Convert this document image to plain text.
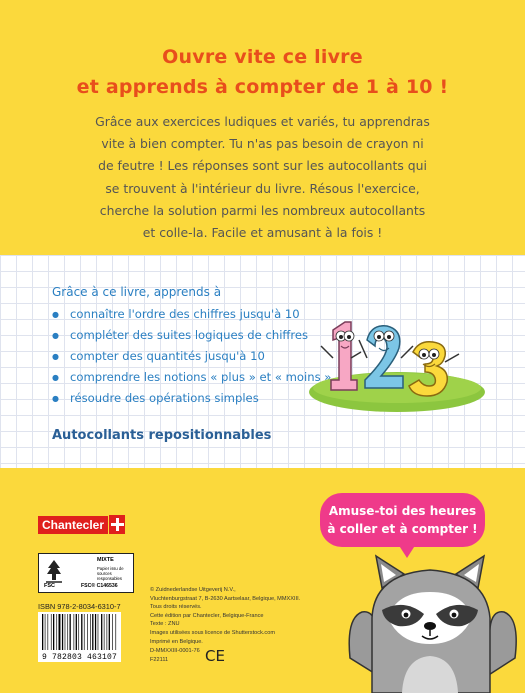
Ouvre vite ce livre
et apprends à compter de 1 à 10 !
Grâce aux exercices ludiques et variés, tu apprendras
vite à bien compter. Tu n'as pas besoin de crayon ni
de feutre ! Les réponses sont sur les autocollants qui
se trouvent à l'intérieur du livre. Résous l'exercice,
cherche la solution parmi les nombreux autocollants
et colle-la. Facile et amusant à la fois !
Grâce à ce livre, apprends à
● connaître l'ordre des chiffres jusqu'à 10
● compléter des suites logiques de chiffres
● compter des quantités jusqu'à 10
● comprendre les notions « plus » et « moins »
● résoudre des opérations simples
Autocollants repositionnables
Chantecler
FSC
MIXTE
Papier issu de sources responsables
FSC® C146536
ISBN 978-2-8034-6310-7
9 782803 463107
© Zuidnederlandse Uitgeverij N.V.,
Vluchtenburgstraat 7, B-2630 Aartselaar, Belgique, MMXXIII.
Tous droits réservés.
Cette édition par Chantecler, Belgique-France
Texte : ZNU
Images utilisées sous licence de Shutterstock.com
Imprimé en Belgique.
D-MMXXIII-0001-76
F22111	CE
Amuse-toi des heures
à coller et à compter !
